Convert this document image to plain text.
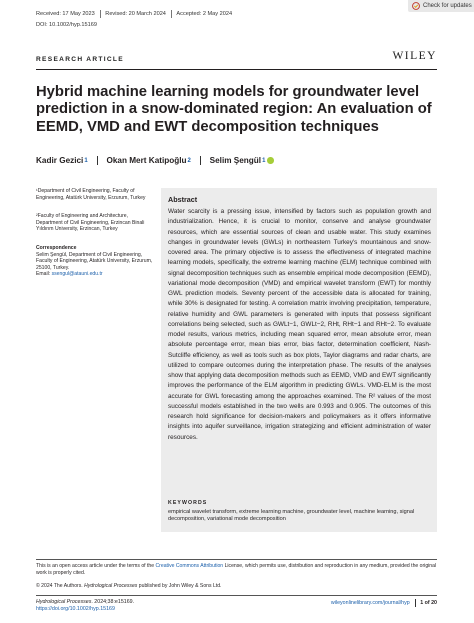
Received: 17 May 2023 Revised: 20 March 2024 Accepted: 2 May 2024
DOI: 10.1002/hyp.15169
Check for updates
RESEARCH ARTICLE	WILEY
Hybrid machine learning models for groundwater level prediction in a snow-dominated region: An evaluation of EEMD, VMD and EWT decomposition techniques
Kadir Gezici 1 Okan Mert Katipoğlu 2 Selim Şengül 1
¹Department of Civil Engineering, Faculty of Engineering, Atatürk University, Erzurum, Turkey
²Faculty of Engineering and Architecture, Department of Civil Engineering, Erzincan Binali Yıldırım University, Erzincan, Turkey
Correspondence
Selim Şengül, Department of Civil Engineering, Faculty of Engineering, Atatürk University, Erzurum, 25100, Turkey.
Email: ssengul@atauni.edu.tr
Abstract

Water scarcity is a pressing issue, intensified by factors such as population growth and industrialization. Hence, it is crucial to monitor, conserve and analyse groundwater resources, which are essential sources of clean and usable water. This study examines changes in groundwater levels (GWLs) in northeastern Turkey's mountainous and snow-covered area. The primary objective is to assess the effectiveness of integrated machine learning models, specifically, the extreme learning machine (ELM) technique combined with signal decomposition techniques such as ensemble empirical mode decomposition (EEMD), variational mode decomposition (VMD) and empirical wavelet transform (EWT) for monthly GWL prediction models. Seventy percent of the accessible data is allocated for training, while 30% is designated for testing. A correlation matrix involving precipitation, temperature, relative humidity and GWL parameters is generated with inputs that possess significant correlations being selected, such as GWLt−1, GWLt−2, RHt, RHt−1 and RHt−2. To evaluate model results, various metrics, including mean squared error, mean absolute error, mean absolute percentage error, mean bias error, bias factor, determination coefficient, Nash-Sutcliffe efficiency, as well as tools such as box plots, Taylor diagrams and radar charts, are utilized to compare outcomes during the interpretation phase. The results of the analyses show that applying data decomposition methods such as EEMD, VMD and EWT significantly improves the performance of the ELM algorithm in predicting GWLs. VMD-ELM is the most accurate for GWL forecasting among the approaches examined. The R² values of the most successful models established in the two wells are 0.993 and 0.905. The outcomes of this research hold significance for decision-makers and policymakers as it offers informative insights into aquifer surveillance, irrigation strategizing and efficient administration of water resources.

KEYWORDS
empirical wavelet transform, extreme learning machine, groundwater level, machine learning, signal decomposition, variational mode decomposition
This is an open access article under the terms of the Creative Commons Attribution License, which permits use, distribution and reproduction in any medium, provided the original work is properly cited.
© 2024 The Authors. Hydrological Processes published by John Wiley & Sons Ltd.
Hydrological Processes. 2024;38:e15169.
https://doi.org/10.1002/hyp.15169
wileyonlinelibrary.com/journal/hyp 1 of 20
